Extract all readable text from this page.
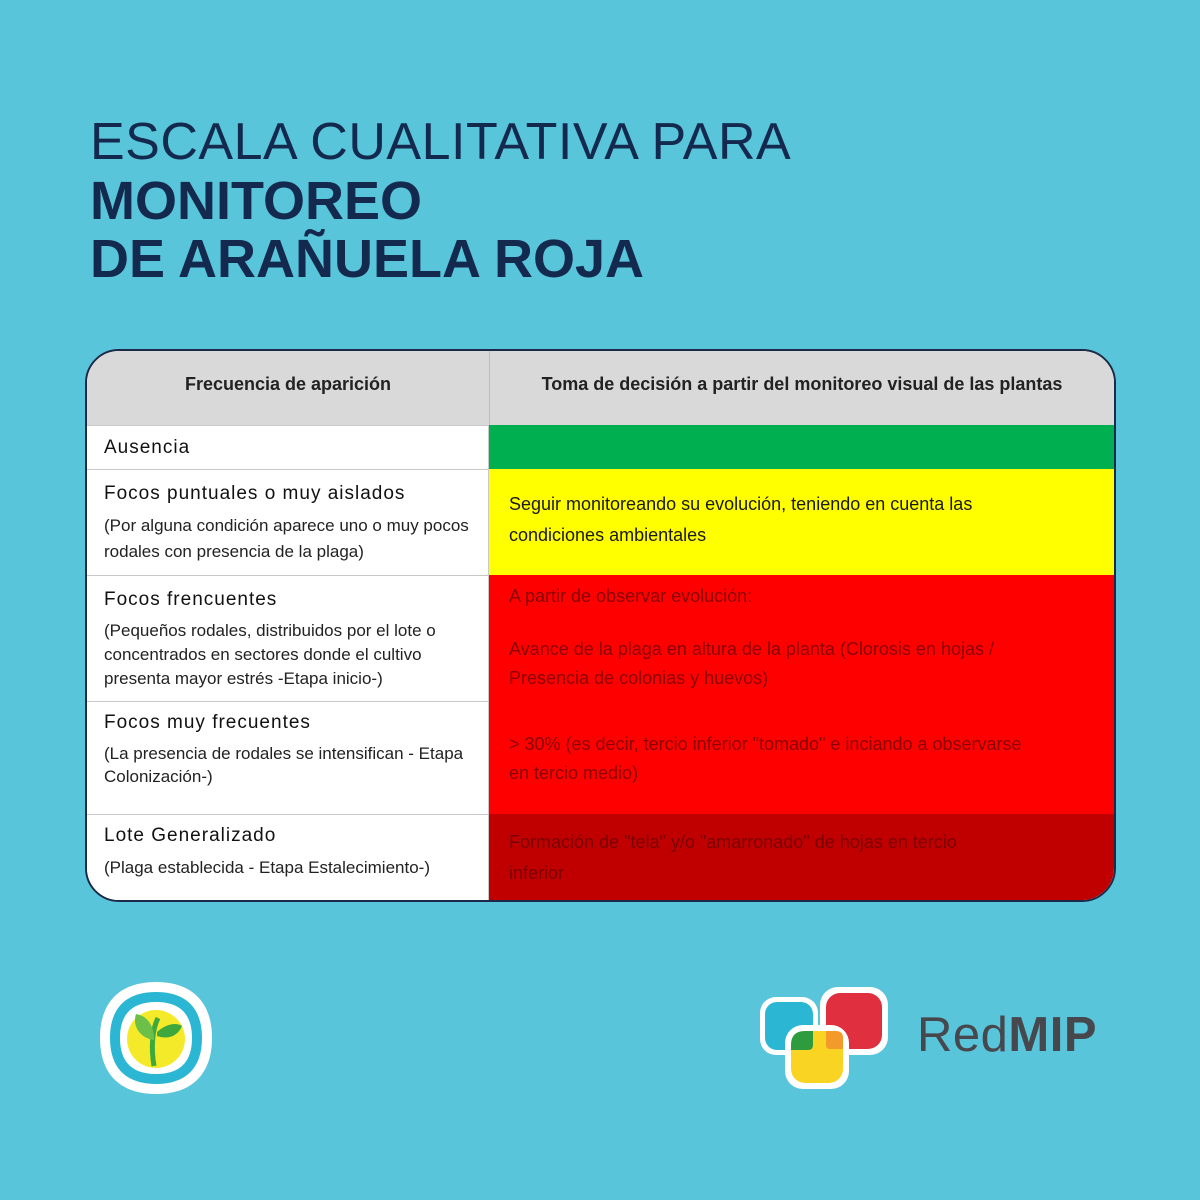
ESCALA CUALITATIVA PARA
MONITOREO
DE ARAÑUELA ROJA
Frecuencia de aparición	Toma de decisión a partir del monitoreo visual de las plantas
Ausencia
Focos puntuales o muy aislados
(Por alguna condición aparece uno o muy pocos rodales con presencia de la plaga)
Focos frencuentes
(Pequeños rodales, distribuidos por el lote o concentrados en sectores donde el cultivo presenta mayor estrés -Etapa inicio-)
Focos muy frecuentes
(La presencia de rodales se intensifican - Etapa Colonización-)
Lote Generalizado
(Plaga establecida - Etapa Estalecimiento-)
Seguir monitoreando su evolución, teniendo en cuenta las
condiciones ambientales
A partir de observar evolución:
Avance de la plaga en altura de la planta (Clorosis en hojas /
Presencia de colonias y huevos)
> 30% (es decir, tercio inferior "tomado" e inciando a observarse
en tercio medio)
Formación de "tela" y/o "amarronado" de hojas en tercio
inferior
RedMIP
